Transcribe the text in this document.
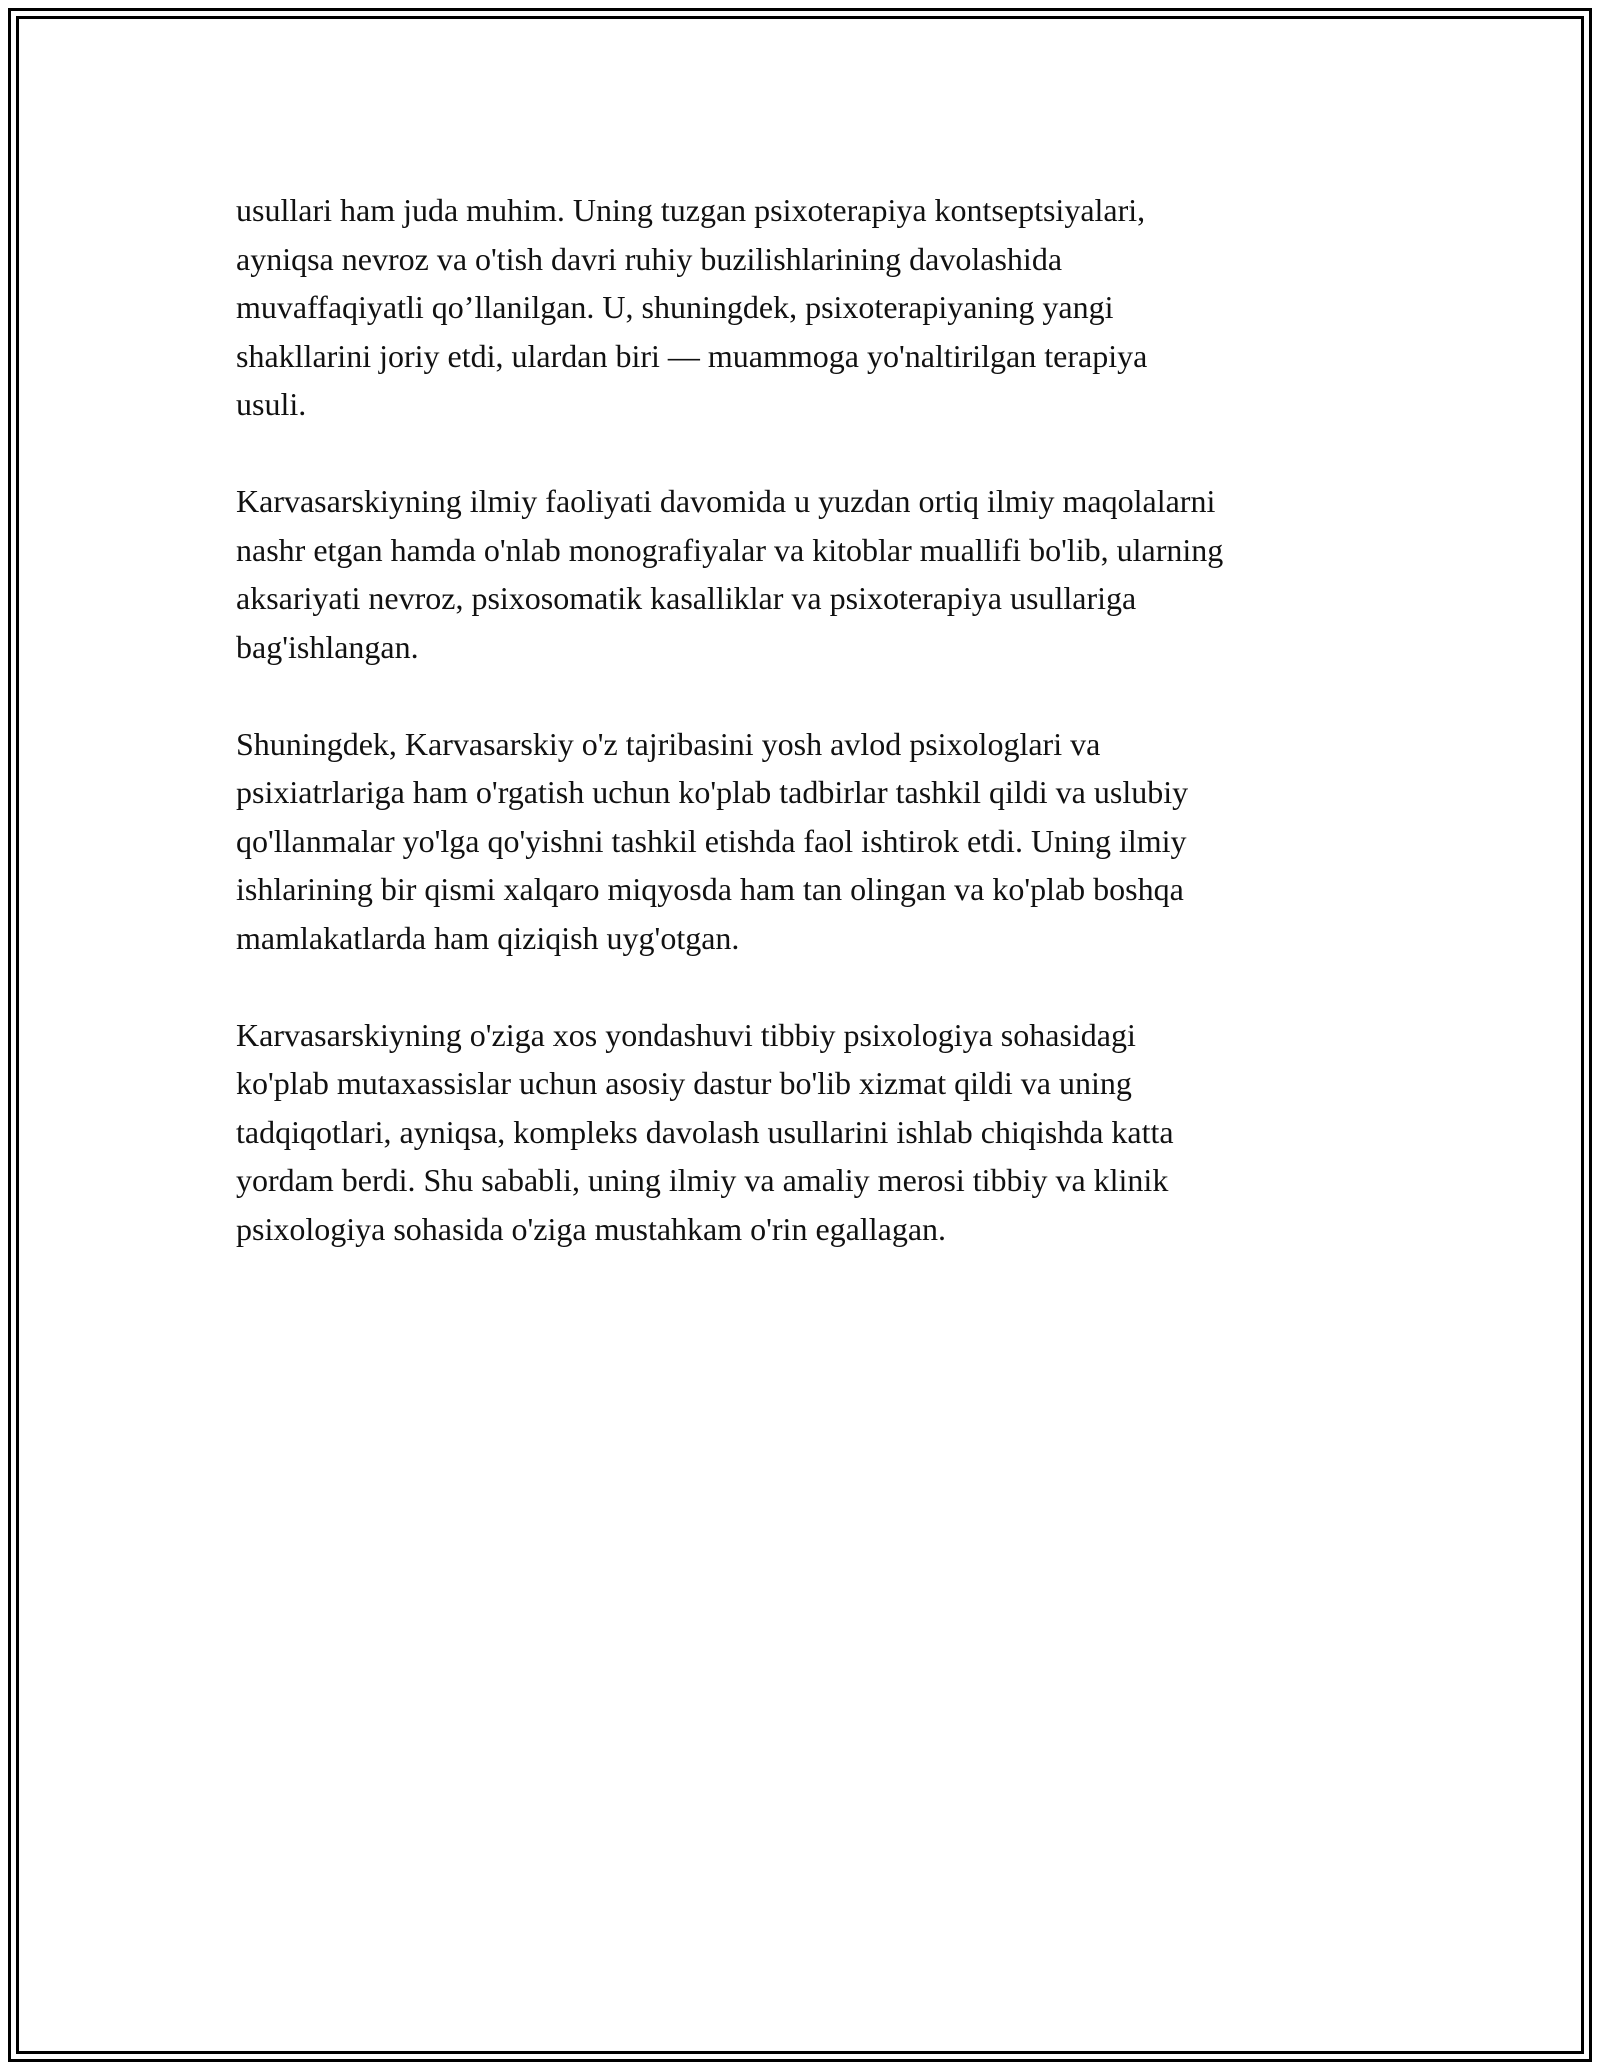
usullari ham juda muhim. Uning tuzgan psixoterapiya kontseptsiyalari,
ayniqsa nevroz va o'tish davri ruhiy buzilishlarining davolashida
muvaffaqiyatli qo’llanilgan. U, shuningdek, psixoterapiyaning yangi
shakllarini joriy etdi, ulardan biri — muammoga yo'naltirilgan terapiya
usuli.

Karvasarskiyning ilmiy faoliyati davomida u yuzdan ortiq ilmiy maqolalarni
nashr etgan hamda o'nlab monografiyalar va kitoblar muallifi bo'lib, ularning
aksariyati nevroz, psixosomatik kasalliklar va psixoterapiya usullariga
bag'ishlangan.

Shuningdek, Karvasarskiy o'z tajribasini yosh avlod psixologlari va
psixiatrlariga ham o'rgatish uchun ko'plab tadbirlar tashkil qildi va uslubiy
qo'llanmalar yo'lga qo'yishni tashkil etishda faol ishtirok etdi. Uning ilmiy
ishlarining bir qismi xalqaro miqyosda ham tan olingan va ko'plab boshqa
mamlakatlarda ham qiziqish uyg'otgan.

Karvasarskiyning o'ziga xos yondashuvi tibbiy psixologiya sohasidagi
ko'plab mutaxassislar uchun asosiy dastur bo'lib xizmat qildi va uning
tadqiqotlari, ayniqsa, kompleks davolash usullarini ishlab chiqishda katta
yordam berdi. Shu sababli, uning ilmiy va amaliy merosi tibbiy va klinik
psixologiya sohasida o'ziga mustahkam o'rin egallagan.
